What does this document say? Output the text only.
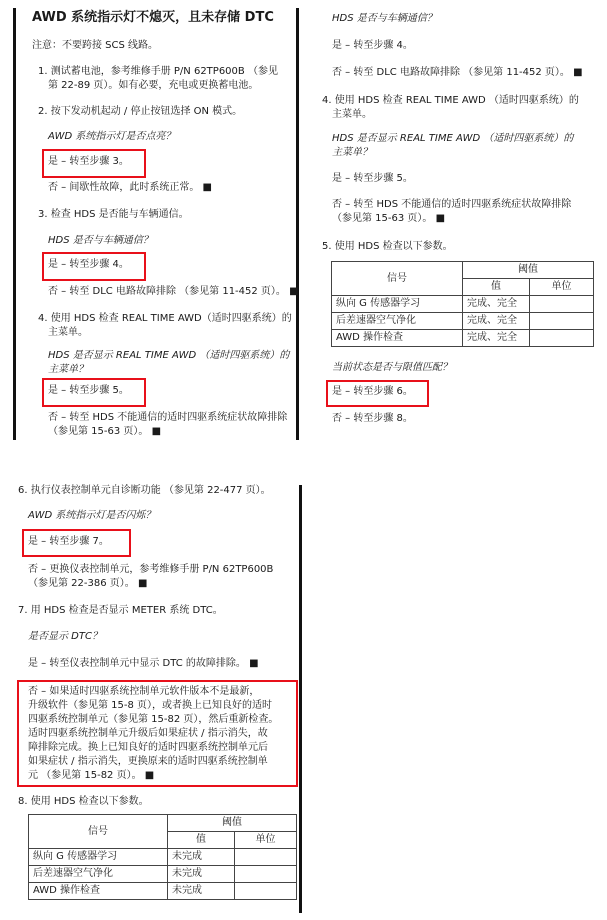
AWD 系统指示灯不熄灭，且未存储 DTC
注意：不要跨接 SCS 线路。
1. 测试蓄电池，参考维修手册 P/N 62TP600B （参见
第 22-89 页）。如有必要，充电或更换蓄电池。
2. 按下发动机起动 / 停止按钮选择 ON 模式。
AWD 系统指示灯是否点亮？
是 – 转至步骤 3。
否 – 间歇性故障，此时系统正常。 ■
3. 检查 HDS 是否能与车辆通信。
HDS 是否与车辆通信？
是 – 转至步骤 4。
否 – 转至 DLC 电路故障排除 （参见第 11-452 页）。 ■
4. 使用 HDS 检查 REAL TIME AWD（适时四驱系统）的
主菜单。
HDS 是否显示 REAL TIME AWD （适时四驱系统）的
主菜单？
是 – 转至步骤 5。
否 – 转至 HDS 不能通信的适时四驱系统症状故障排除
（参见第 15-63 页）。 ■
HDS 是否与车辆通信？
是 – 转至步骤 4。
否 – 转至 DLC 电路故障排除 （参见第 11-452 页）。 ■
4. 使用 HDS 检查 REAL TIME AWD （适时四驱系统）的
主菜单。
HDS 是否显示 REAL TIME AWD （适时四驱系统）的
主菜单？
是 – 转至步骤 5。
否 – 转至 HDS 不能通信的适时四驱系统症状故障排除
（参见第 15-63 页）。 ■
5. 使用 HDS 检查以下参数。
信号	阈值	
	值	单位
纵向 G 传感器学习	完成、完全	
后差速器空气净化	完成、完全	
AWD 操作检查	完成、完全	
当前状态是否与限值匹配？
是 – 转至步骤 6。
否 – 转至步骤 8。
6. 执行仪表控制单元自诊断功能 （参见第 22-477 页）。
AWD 系统指示灯是否闪烁？
是 – 转至步骤 7。
否 – 更换仪表控制单元，参考维修手册 P/N 62TP600B
（参见第 22-386 页）。 ■
7. 用 HDS 检查是否显示 METER 系统 DTC。
是否显示 DTC？
是 – 转至仪表控制单元中显示 DTC 的故障排除。 ■
否 – 如果适时四驱系统控制单元软件版本不是最新，
升级软件（参见第 15-8 页），或者换上已知良好的适时
四驱系统控制单元（参见第 15-82 页），然后重新检查。
适时四驱系统控制单元升级后如果症状 / 指示消失，故
障排除完成。换上已知良好的适时四驱系统控制单元后
如果症状 / 指示消失，更换原来的适时四驱系统控制单
元 （参见第 15-82 页）。 ■
8. 使用 HDS 检查以下参数。
信号	阈值	
	值	单位
纵向 G 传感器学习	未完成	
后差速器空气净化	未完成	
AWD 操作检查	未完成	
